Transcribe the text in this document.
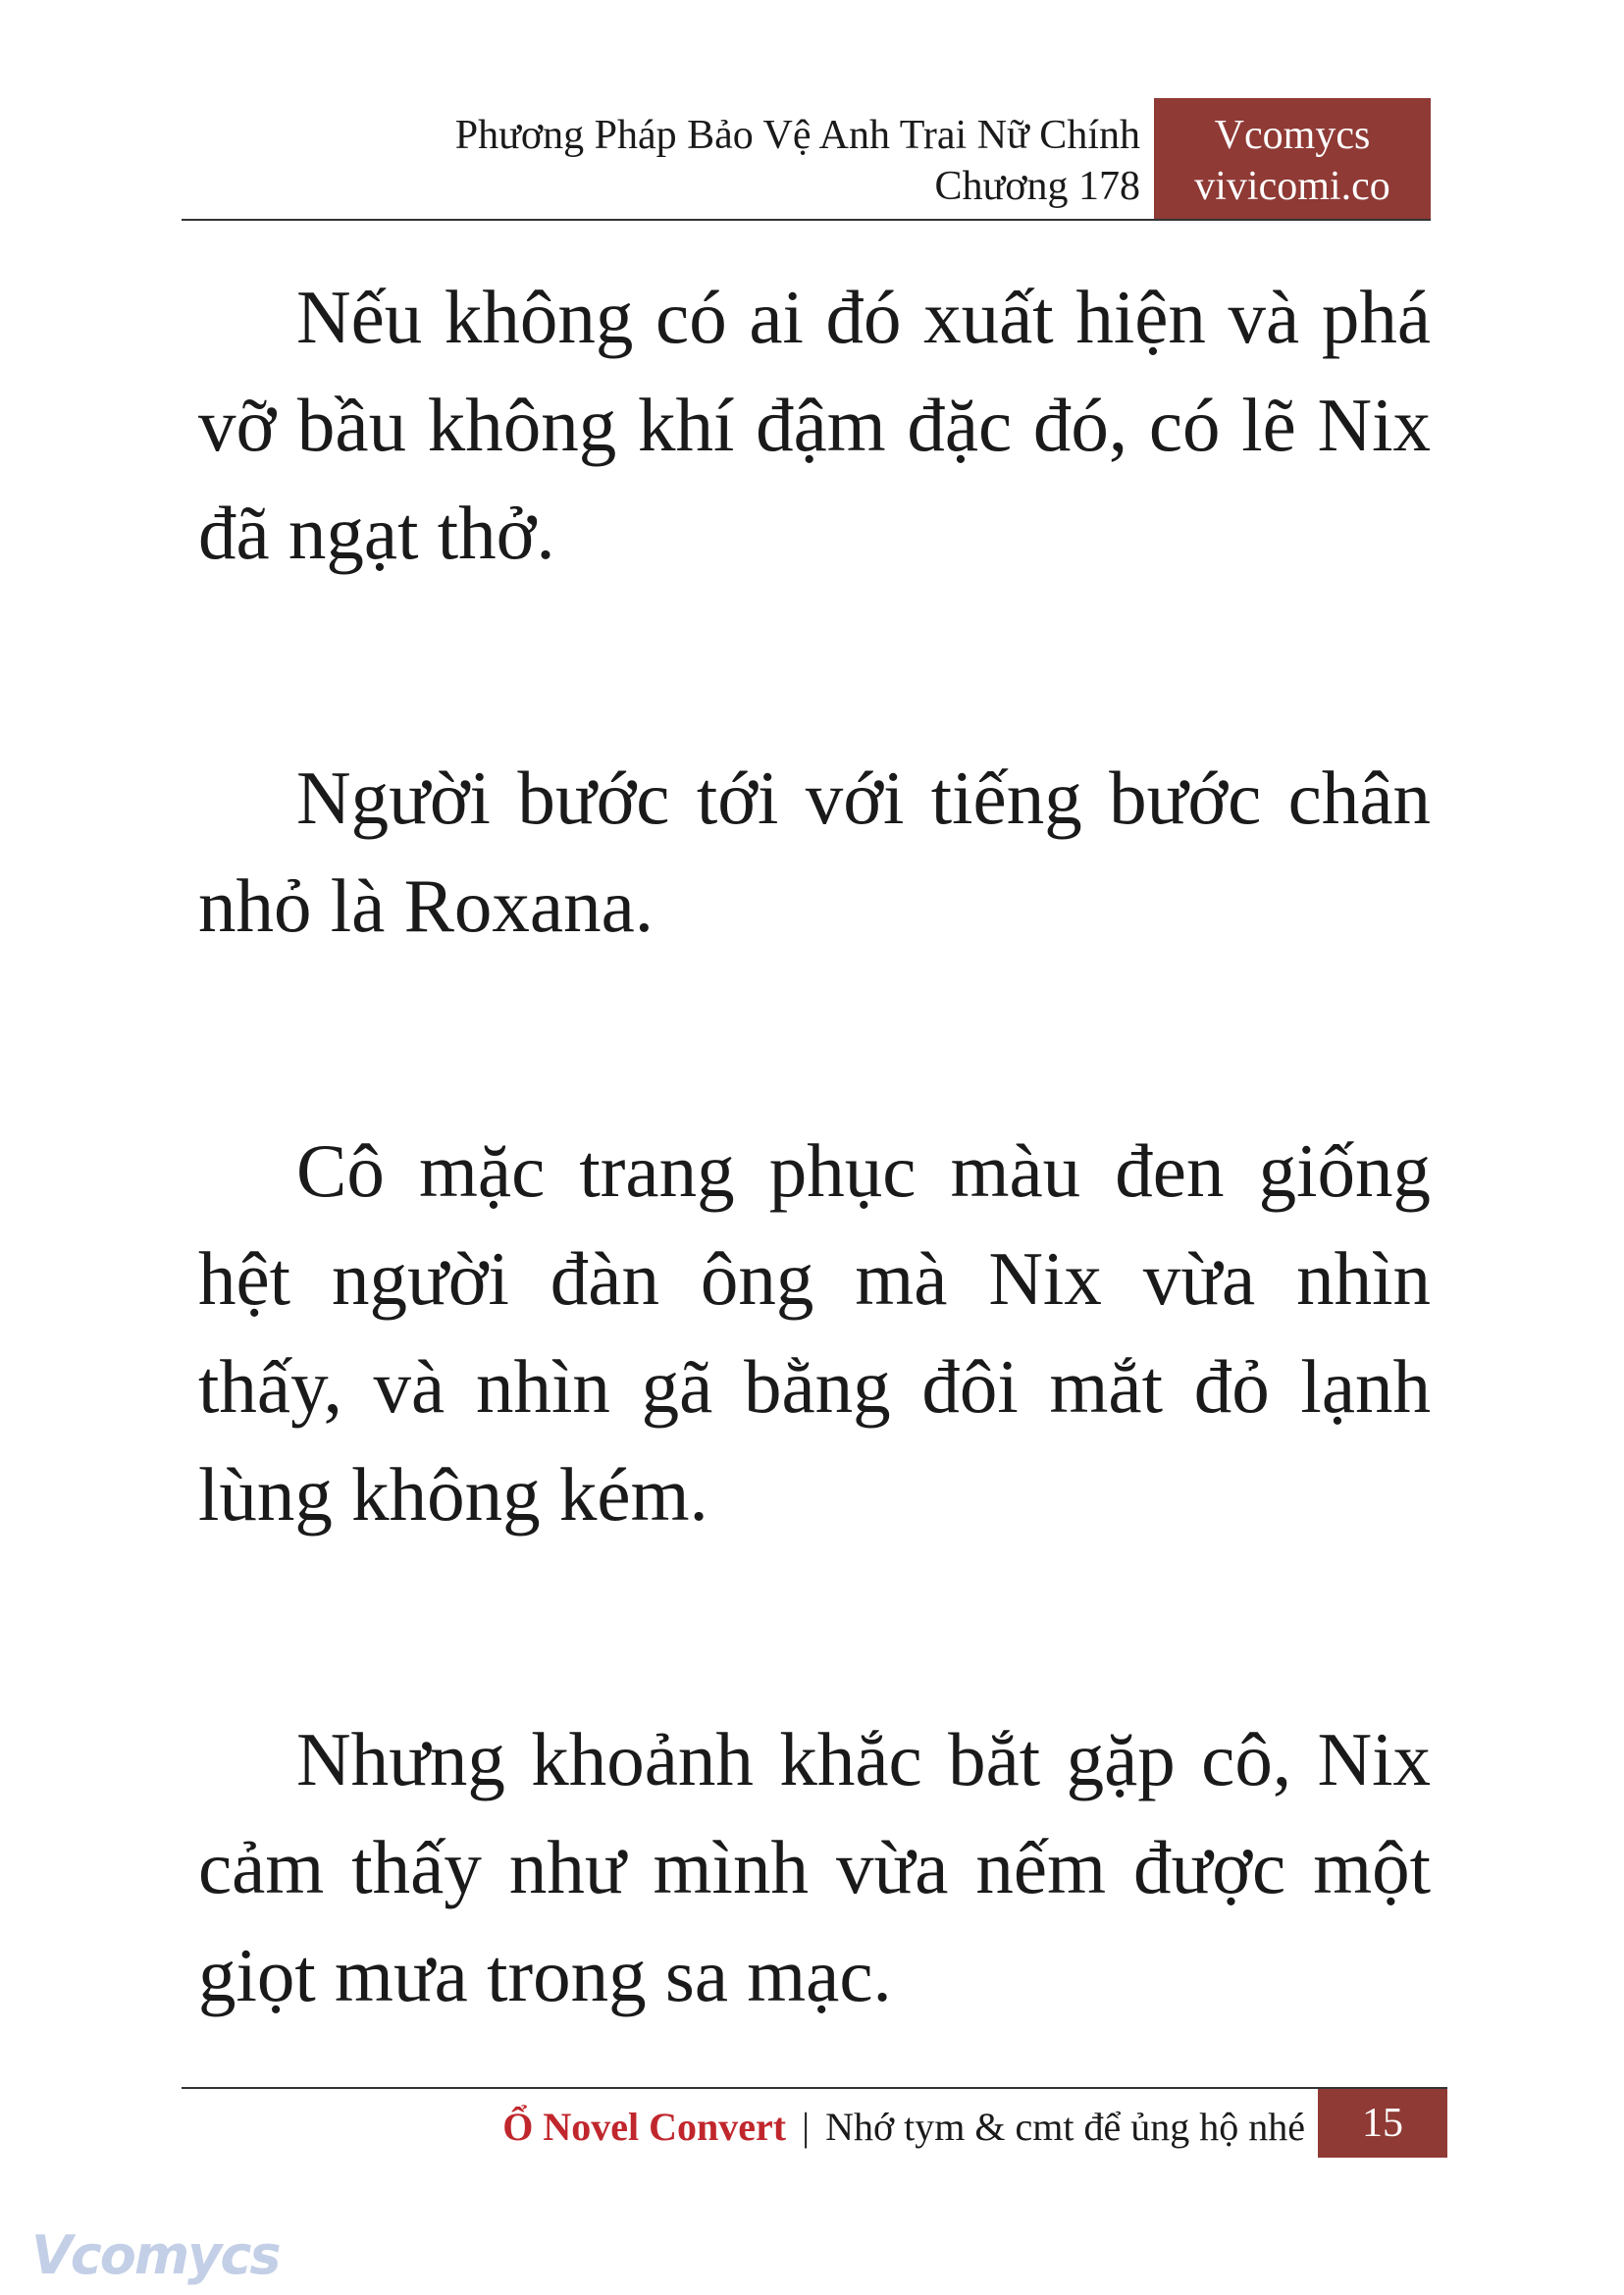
Phương Pháp Bảo Vệ Anh Trai Nữ Chính
Chương 178
Vcomycs
vivicomi.co

Nếu không có ai đó xuất hiện và phá vỡ bầu không khí đậm đặc đó, có lẽ Nix đã ngạt thở.

Người bước tới với tiếng bước chân nhỏ là Roxana.

Cô mặc trang phục màu đen giống hệt người đàn ông mà Nix vừa nhìn thấy, và nhìn gã bằng đôi mắt đỏ lạnh lùng không kém.

Nhưng khoảnh khắc bắt gặp cô, Nix cảm thấy như mình vừa nếm được một giọt mưa trong sa mạc.

Ổ Novel Convert | Nhớ tym & cmt để ủng hộ nhé	15
Vcomycs
